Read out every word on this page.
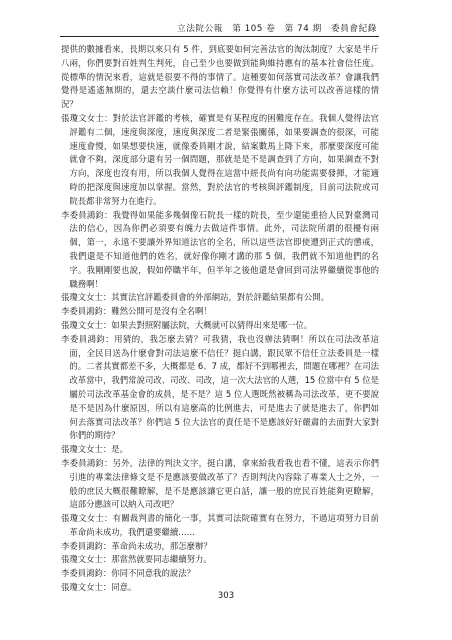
立法院公報　第 105 卷　第 74 期　委員會紀錄

提供的數據看來，長期以來只有 5 件，到底要如何完善法官的淘汰制度？大家是半斤八兩，你們要對百姓判生判死，自己至少也要做到能夠維持應有的基本社會信任度。從標準的情況來看，這就是很要不得的事情了。這種要如何落實司法改革？會讓我們覺得是遙遙無期的，還去空談什麼司法信賴！你覺得有什麼方法可以改善這樣的情況？

張瓊文女士：對於法官評鑑的考核，確實是有某程度的困難度存在。我個人覺得法官評鑑有二個，速度與深度，速度與深度二者是緊張關係，如果要調查的很深，可能速度會慢，如果想要快速，就像委員剛才說，結案數馬上降下來，那麼要深度可能就會不夠，深度部分還有另一個問題，那就是是不是調查到了方向，如果調查不對方向，深度也沒有用，所以我個人覺得在這當中經長尚有向功能需要發揮，才能適時的把深度與速度加以掌握。當然，對於法官的考核與評鑑制度，目前司法院或司院長都非常努力在進行。

李委員鴻鈞：我覺得如果能多幾個像石院長一樣的院長，至少還能重拾人民對臺灣司法的信心，因為你們必須要有魄力去做這件事情。此外，司法院所謂的很擾有兩個，第一，永遠不要讓外界知道法官的全名，所以這些法官即使遭到正式的懲戒，我們還是不知道他們的姓名，就好像你剛才講的那 5 個，我們就不知道他們的名字。我剛剛要也說，假如停職半年，但半年之後他還是會回到司法界繼續從事他的職務啊！

張瓊文女士：其實法官評鑑委員會的外部網站，對於評鑑結果都有公開。

李委員鴻鈞：難然公開可是沒有全名啊！

張瓊文女士：如果去對照附屬法院，大概就可以猜得出來是哪一位。

李委員鴻鈞：用猜的，我怎麼去猜？可我猜，我也沒辦法猜啊！所以在司法改革這面，全民目送為什麼會對司法這麼不信任？挺白講，跟民眾不信任立法委員是一樣的。二者其實都差不多，大概都是 6、7 成，都好不到哪裡去，問題在哪裡？在司法改革當中，我們常說司改、司改、司改，這一次大法官的人選，15 位當中有 5 位是屬於司法改革基金會的成員，是不是？這 5 位人選既然被稱為司法改革，更不要說是不是因為什麼原因，所以有這麼高的比例進去，可是進去了就是進去了，你們如何去落實司法改革？你們這 5 位大法官的責任是不是應該好好嚴肅的去面對大家對你們的期待？

張瓊文女士：是。

李委員鴻鈞：另外，法律的判決文字，挺白講，拿來給我看我也看不懂，這表示你們引進的專業法律條文是不是應該要做改革了？否則判決內容除了專業人士之外，一般的庶民大概很難瞭解，是不是應該讓它更白話，讓一般的庶民百姓能夠更瞭解，這部分應該可以納入司改吧？

張瓊文女士：有關裁判書的簡化一事，其實司法院確實有在努力，不過這項努力目前革命尚未成功，我們還要繼續……

李委員鴻鈞：革命尚未成功，那怎麼辦？

張瓊文女士：那當然就要同志繼續努力。

李委員鴻鈞：你同不同意我的說法？

張瓊文女士：同意。

303
